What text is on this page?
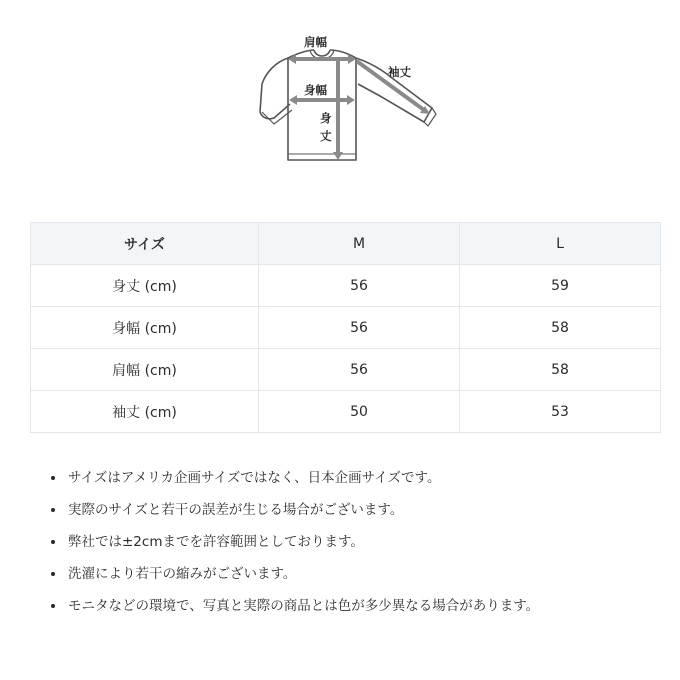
肩幅
袖丈
身幅
身
丈
サイズ	M	L
身丈 (cm)	56	59
身幅 (cm)	56	58
肩幅 (cm)	56	58
袖丈 (cm)	50	53
• サイズはアメリカ企画サイズではなく、日本企画サイズです。
• 実際のサイズと若干の誤差が生じる場合がございます。
• 弊社では±2cmまでを許容範囲としております。
• 洗濯により若干の縮みがございます。
• モニタなどの環境で、写真と実際の商品とは色が多少異なる場合があります。
